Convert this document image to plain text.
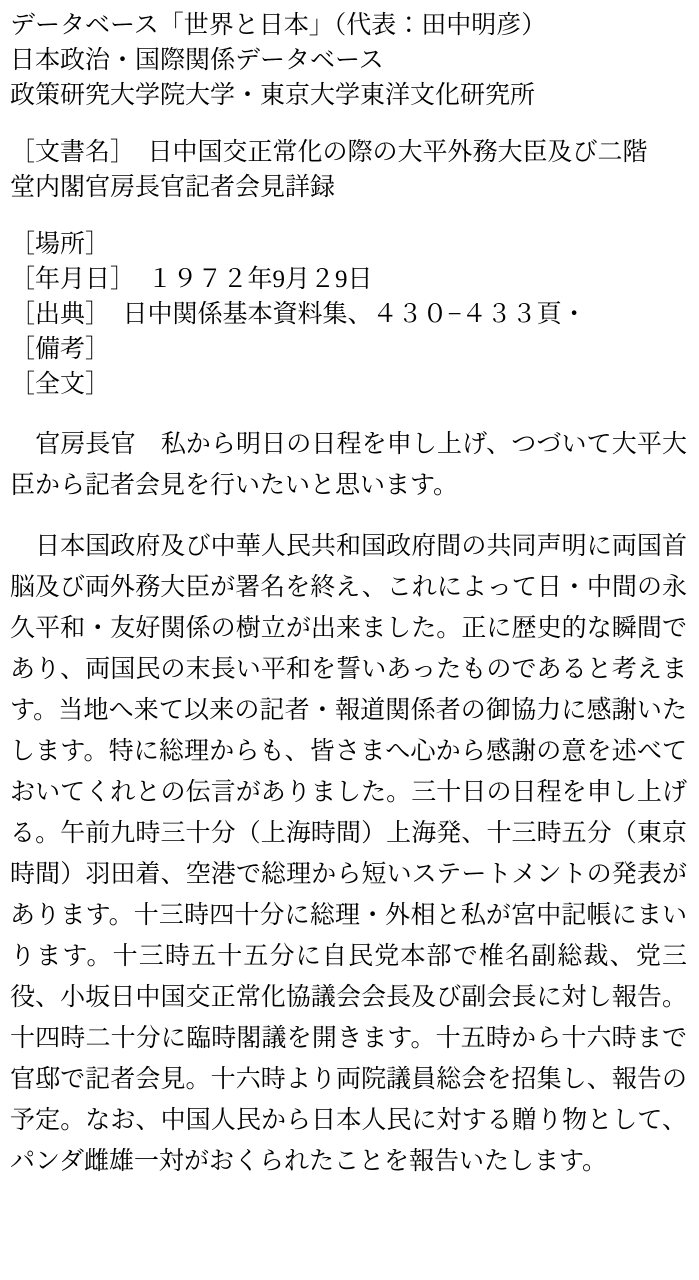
データベース「世界と日本」（代表：田中明彦）
日本政治・国際関係データベース
政策研究大学院大学・東京大学東洋文化研究所
［文書名］　日中国交正常化の際の大平外務大臣及び二階
堂内閣官房長官記者会見詳録
［場所］
［年月日］　１９７２年9月２9日
［出典］　日中関係基本資料集、４３０−４３３頁・
［備考］
［全文］

　官房長官　私から明日の日程を申し上げ、つづいて大平大臣から記者会見を行いたいと思います。

　日本国政府及び中華人民共和国政府間の共同声明に両国首脳及び両外務大臣が署名を終え、これによって日・中間の永久平和・友好関係の樹立が出来ました。正に歴史的な瞬間であり、両国民の末長い平和を誓いあったものであると考えます。当地へ来て以来の記者・報道関係者の御協力に感謝いたします。特に総理からも、皆さまへ心から感謝の意を述べておいてくれとの伝言がありました。三十日の日程を申し上げる。午前九時三十分（上海時間）上海発、十三時五分（東京時間）羽田着、空港で総理から短いステートメントの発表があります。十三時四十分に総理・外相と私が宮中記帳にまいります。十三時五十五分に自民党本部で椎名副総裁、党三役、小坂日中国交正常化協議会会長及び副会長に対し報告。十四時二十分に臨時閣議を開きます。十五時から十六時まで官邸で記者会見。十六時より両院議員総会を招集し、報告の予定。なお、中国人民から日本人民に対する贈り物として、パンダ雌雄一対がおくられたことを報告いたします。
